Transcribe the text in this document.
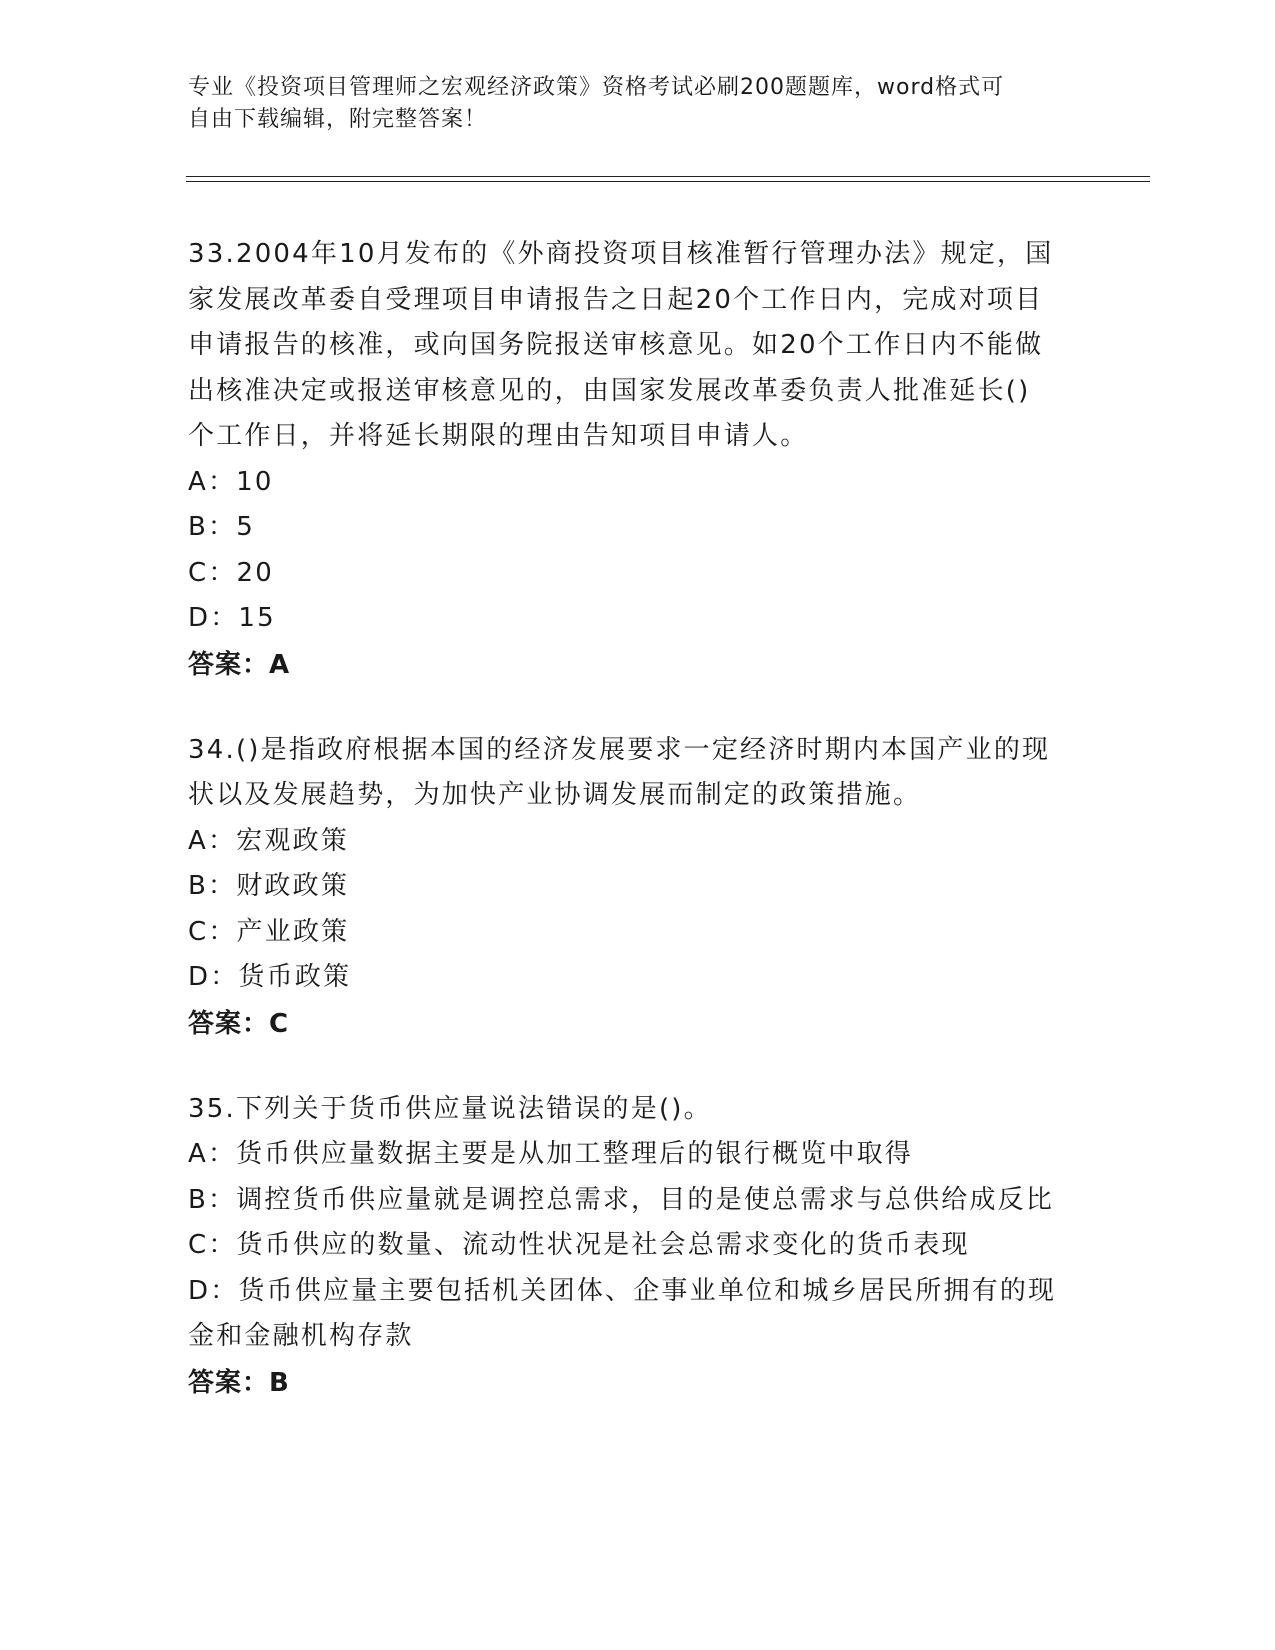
专业《投资项目管理师之宏观经济政策》资格考试必刷200题题库，word格式可
自由下载编辑，附完整答案！
33.2004年10月发布的《外商投资项目核准暂行管理办法》规定，国
家发展改革委自受理项目申请报告之日起20个工作日内，完成对项目
申请报告的核准，或向国务院报送审核意见。如20个工作日内不能做
出核准决定或报送审核意见的，由国家发展改革委负责人批准延长()
个工作日，并将延长期限的理由告知项目申请人。
A：10
B：5
C：20
D：15
答案：A
34.()是指政府根据本国的经济发展要求一定经济时期内本国产业的现
状以及发展趋势，为加快产业协调发展而制定的政策措施。
A：宏观政策
B：财政政策
C：产业政策
D：货币政策
答案：C
35.下列关于货币供应量说法错误的是()。
A：货币供应量数据主要是从加工整理后的银行概览中取得
B：调控货币供应量就是调控总需求，目的是使总需求与总供给成反比
C：货币供应的数量、流动性状况是社会总需求变化的货币表现
D：货币供应量主要包括机关团体、企事业单位和城乡居民所拥有的现
金和金融机构存款
答案：B
